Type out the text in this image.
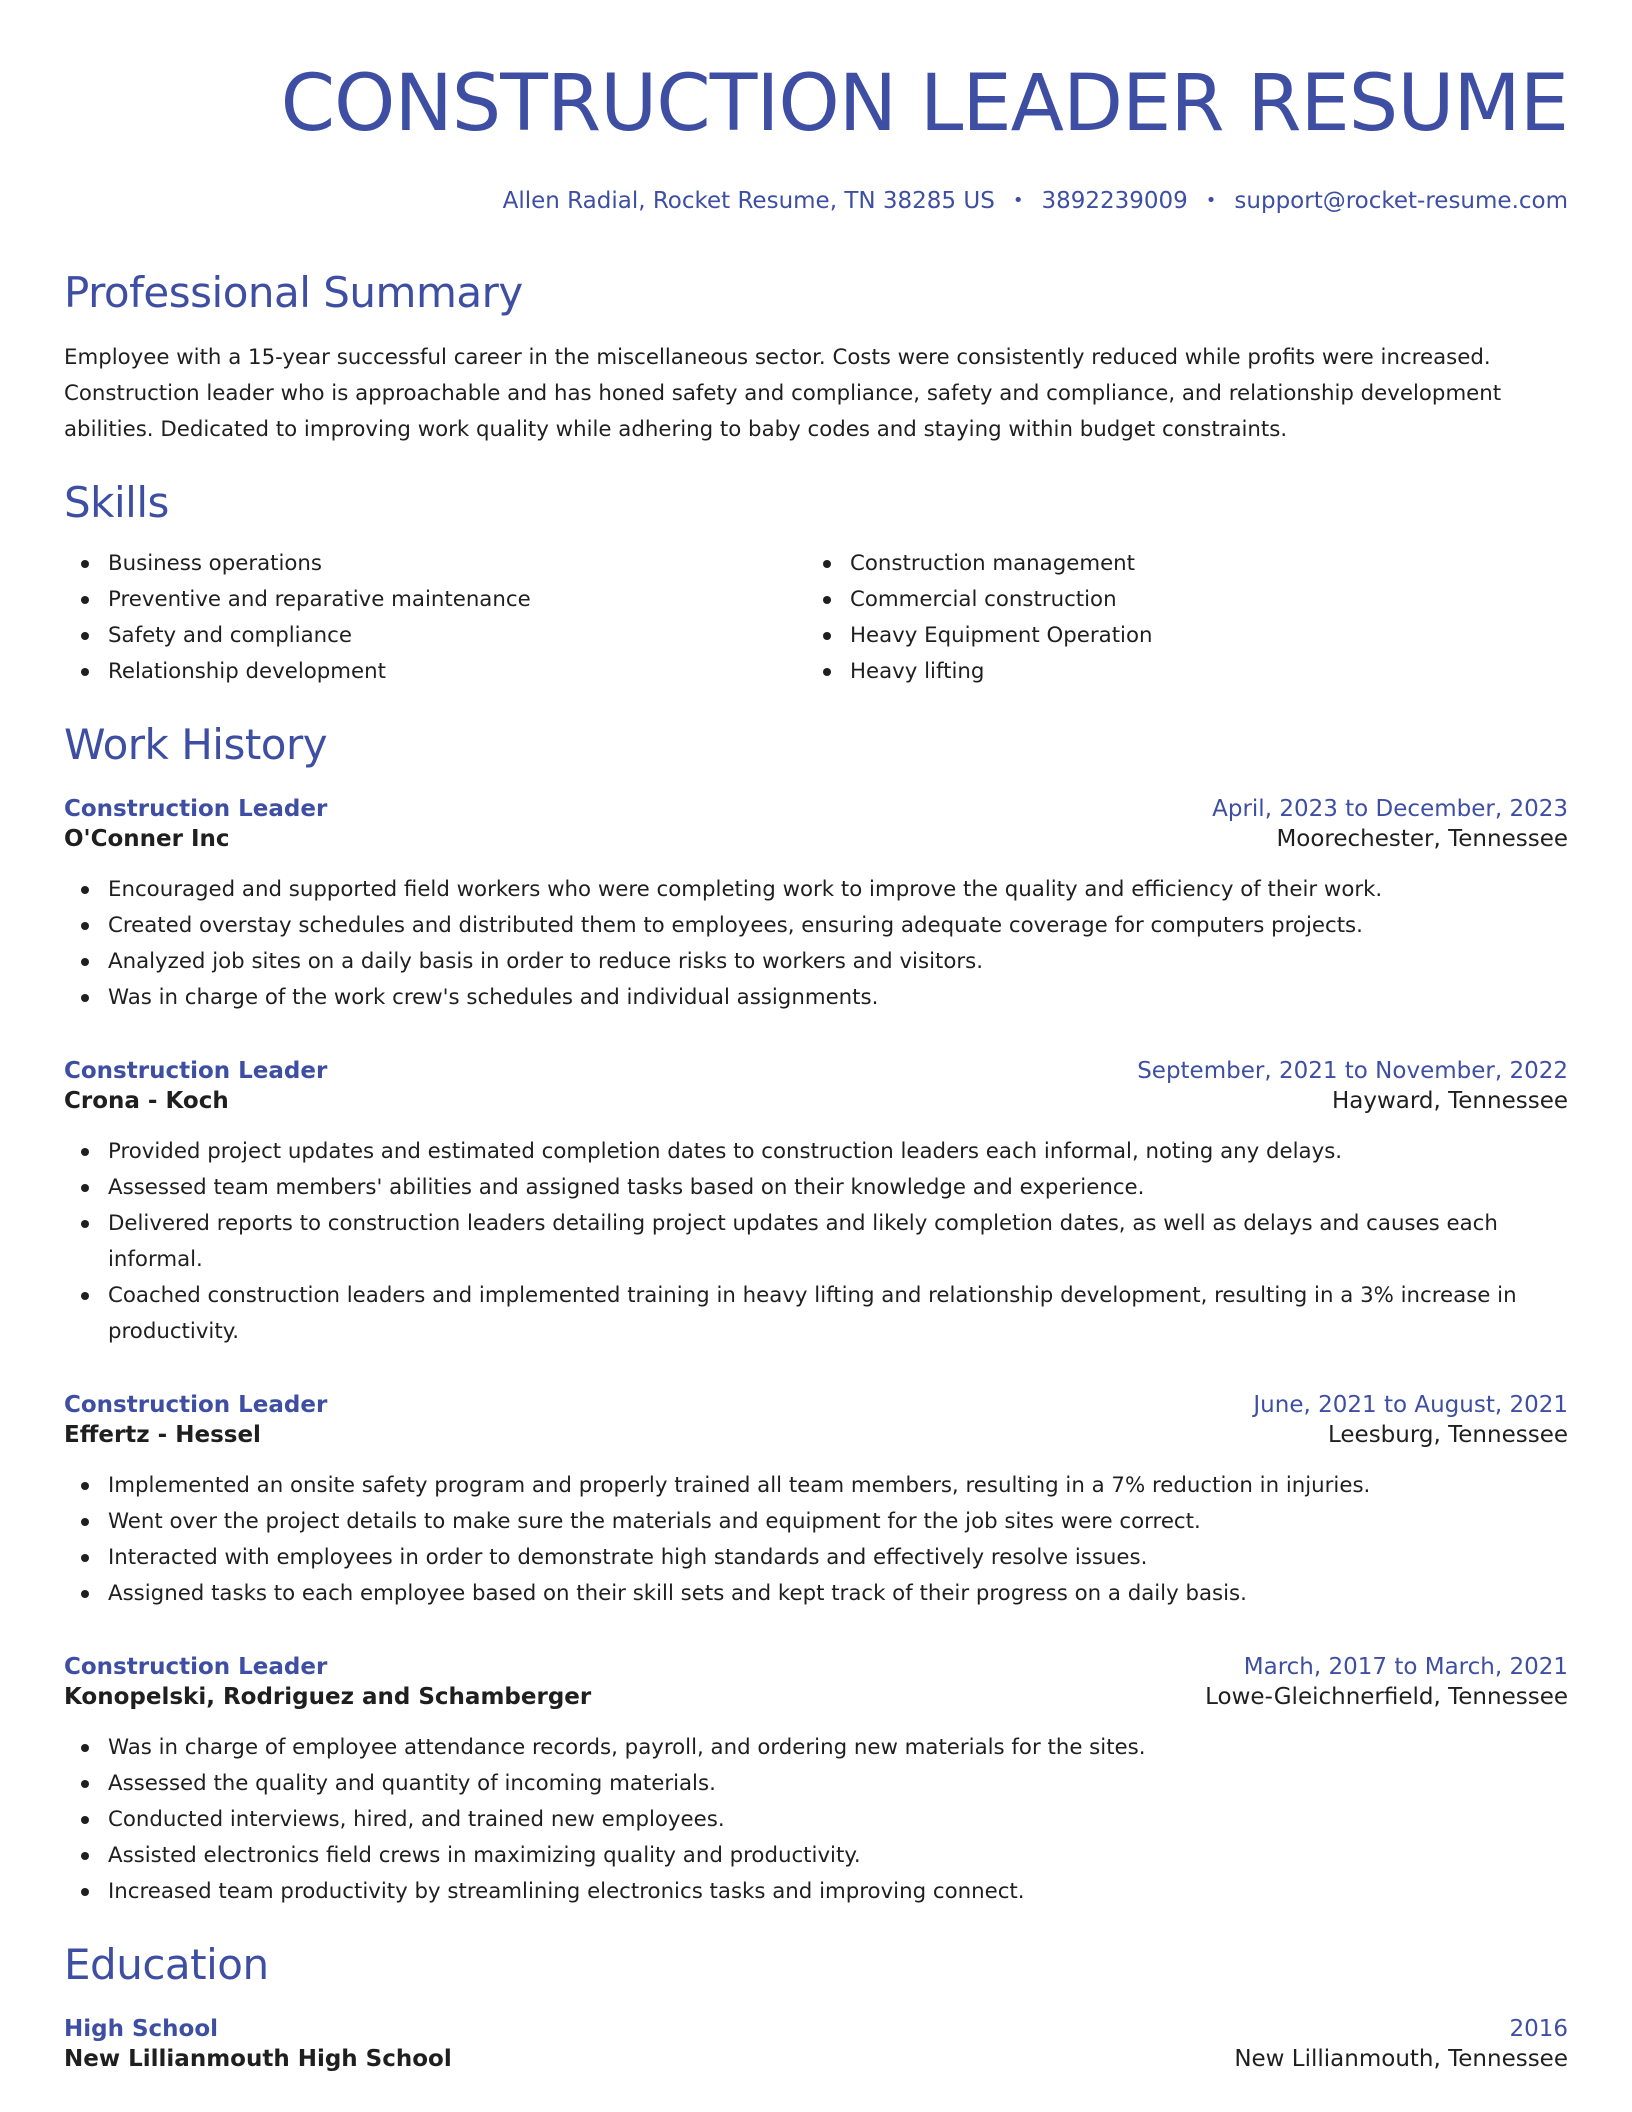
CONSTRUCTION LEADER RESUME
Allen Radial, Rocket Resume, TN 38285 US • 3892239009 • support@rocket-resume.com
Professional Summary
Employee with a 15-year successful career in the miscellaneous sector. Costs were consistently reduced while profits were increased.
Construction leader who is approachable and has honed safety and compliance, safety and compliance, and relationship development
abilities. Dedicated to improving work quality while adhering to baby codes and staying within budget constraints.
Skills
Business operations
Preventive and reparative maintenance
Safety and compliance
Relationship development
Construction management
Commercial construction
Heavy Equipment Operation
Heavy lifting
Work History
Construction Leader	April, 2023 to December, 2023
O'Conner Inc	Moorechester, Tennessee
Encouraged and supported field workers who were completing work to improve the quality and efficiency of their work.
Created overstay schedules and distributed them to employees, ensuring adequate coverage for computers projects.
Analyzed job sites on a daily basis in order to reduce risks to workers and visitors.
Was in charge of the work crew's schedules and individual assignments.
Construction Leader	September, 2021 to November, 2022
Crona - Koch	Hayward, Tennessee
Provided project updates and estimated completion dates to construction leaders each informal, noting any delays.
Assessed team members' abilities and assigned tasks based on their knowledge and experience.
Delivered reports to construction leaders detailing project updates and likely completion dates, as well as delays and causes each informal.
Coached construction leaders and implemented training in heavy lifting and relationship development, resulting in a 3% increase in productivity.
Construction Leader	June, 2021 to August, 2021
Effertz - Hessel	Leesburg, Tennessee
Implemented an onsite safety program and properly trained all team members, resulting in a 7% reduction in injuries.
Went over the project details to make sure the materials and equipment for the job sites were correct.
Interacted with employees in order to demonstrate high standards and effectively resolve issues.
Assigned tasks to each employee based on their skill sets and kept track of their progress on a daily basis.
Construction Leader	March, 2017 to March, 2021
Konopelski, Rodriguez and Schamberger	Lowe-Gleichnerfield, Tennessee
Was in charge of employee attendance records, payroll, and ordering new materials for the sites.
Assessed the quality and quantity of incoming materials.
Conducted interviews, hired, and trained new employees.
Assisted electronics field crews in maximizing quality and productivity.
Increased team productivity by streamlining electronics tasks and improving connect.
Education
High School	2016
New Lillianmouth High School	New Lillianmouth, Tennessee
